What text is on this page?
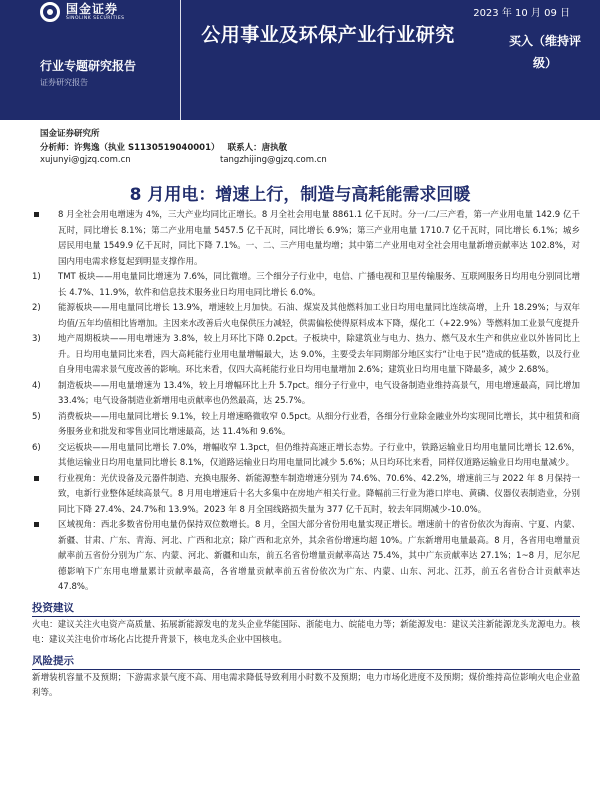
国金证券
SINOLINK SECURITIES
行业专题研究报告
证券研究报告
公用事业及环保产业行业研究
2023 年 10 月 09 日
买入（维持评级）
国金证券研究所
分析师：许隽逸（执业 S1130519040001） 联系人：唐执敬
xujunyi@gjzq.com.cn	tangzhijing@gjzq.com.cn
8 月用电：增速上行，制造与高耗能需求回暖
8 月全社会用电增速为 4%，三大产业均同比正增长。8 月全社会用电量 8861.1 亿千瓦时。分一/二/三产看，第一产业用电量 142.9 亿千瓦时，同比增长 8.1%；第二产业用电量 5457.5 亿千瓦时，同比增长 6.9%；第三产业用电量 1710.7 亿千瓦时，同比增长 6.1%；城乡居民用电量 1549.9 亿千瓦时，同比下降 7.1%。一、二、三产用电量均增；其中第二产业用电对全社会用电量新增贡献率达 102.8%，对国内用电需求修复起到明显支撑作用。
1)	TMT 板块——用电量同比增速为 7.6%，同比微增。三个细分子行业中，电信、广播电视和卫星传输服务、互联网服务日均用电分别同比增长 4.7%、11.9%，软件和信息技术服务业日均用电同比增长 6.0%。
2)	能源板块——用电量同比增长 13.9%，增速较上月加快。石油、煤炭及其他燃料加工业日均用电量同比连续高增，上升 18.29%；与双年均值/五年均值相比皆增加。主因来水改善后火电保供压力减轻，供需偏松使得原料成本下降，煤化工（+22.9%）等燃料加工业景气度提升
3)	地产周期板块——用电增速为 3.8%，较上月环比下降 0.2pct。子板块中，除建筑业与电力、热力、燃气及水生产和供应业以外皆同比上升。日均用电量同比来看，四大高耗能行业用电量增幅最大，达 9.0%，主要受去年同期部分地区实行“让电于民”造成的低基数，以及行业自身用电需求景气度改善的影响。环比来看，仅四大高耗能行业日均用电量增加 2.6%；建筑业日均用电量下降最多，减少 2.68%。
4)	制造板块——用电量增速为 13.4%，较上月增幅环比上升 5.7pct。细分子行业中，电气设备制造业维持高景气，用电增速最高，同比增加 33.4%；电气设备制造业新增用电贡献率也仍然最高，达 25.7%。
5)	消费板块——用电量同比增长 9.1%，较上月增速略微收窄 0.5pct。从细分行业看，各细分行业除金融业外均实现同比增长，其中租赁和商务服务业和批发和零售业同比增速最高，达 11.4%和 9.6%。
6)	交运板块——用电量同比增长 7.0%，增幅收窄 1.3pct，但仍维持高速正增长态势。子行业中，铁路运输业日均用电量同比增长 12.6%，其他运输业日均用电量同比增长 8.1%，仅道路运输业日均用电量同比减少 5.6%；从日均环比来看，同样仅道路运输业日均用电量减少。
行业视角：光伏设备及元器件制造、充换电服务、新能源整车制造增速分别为 74.6%、70.6%、42.2%，增速前三与 2022 年 8 月保持一致，电新行业整体延续高景气。8 月用电增速后十名大多集中在房地产相关行业。降幅前三行业为港口岸电、黄磷、仪器仪表制造业，分别同比下降 27.4%、24.7%和 13.9%。2023 年 8 月全国线路损失量为 377 亿千瓦时，较去年同期减少-10.0%。
区域视角：西北多数省份用电量仍保持双位数增长。8 月，全国大部分省份用电量实现正增长。增速前十的省份依次为海南、宁夏、内蒙、新疆、甘肃、广东、青海、河北、广西和北京；除广西和北京外，其余省份增速均超 10%。广东新增用电量最高。8 月，各省用电增量贡献率前五省份分别为广东、内蒙、河北、新疆和山东，前五名省份增量贡献率高达 75.4%，其中广东贡献率达 27.1%；1~8 月，尼尔尼德影响下广东用电增量累计贡献率最高，各省增量贡献率前五省份依次为广东、内蒙、山东、河北、江苏，前五名省份合计贡献率达 47.8%。
投资建议
火电：建议关注火电资产高质量、拓展新能源发电的龙头企业华能国际、浙能电力、皖能电力等；新能源发电：建议关注新能源龙头龙源电力。核电：建议关注电价市场化占比提升背景下，核电龙头企业中国核电。
风险提示
新增装机容量不及预期；下游需求景气度不高、用电需求降低导致利用小时数不及预期；电力市场化进度不及预期；煤价维持高位影响火电企业盈利等。
